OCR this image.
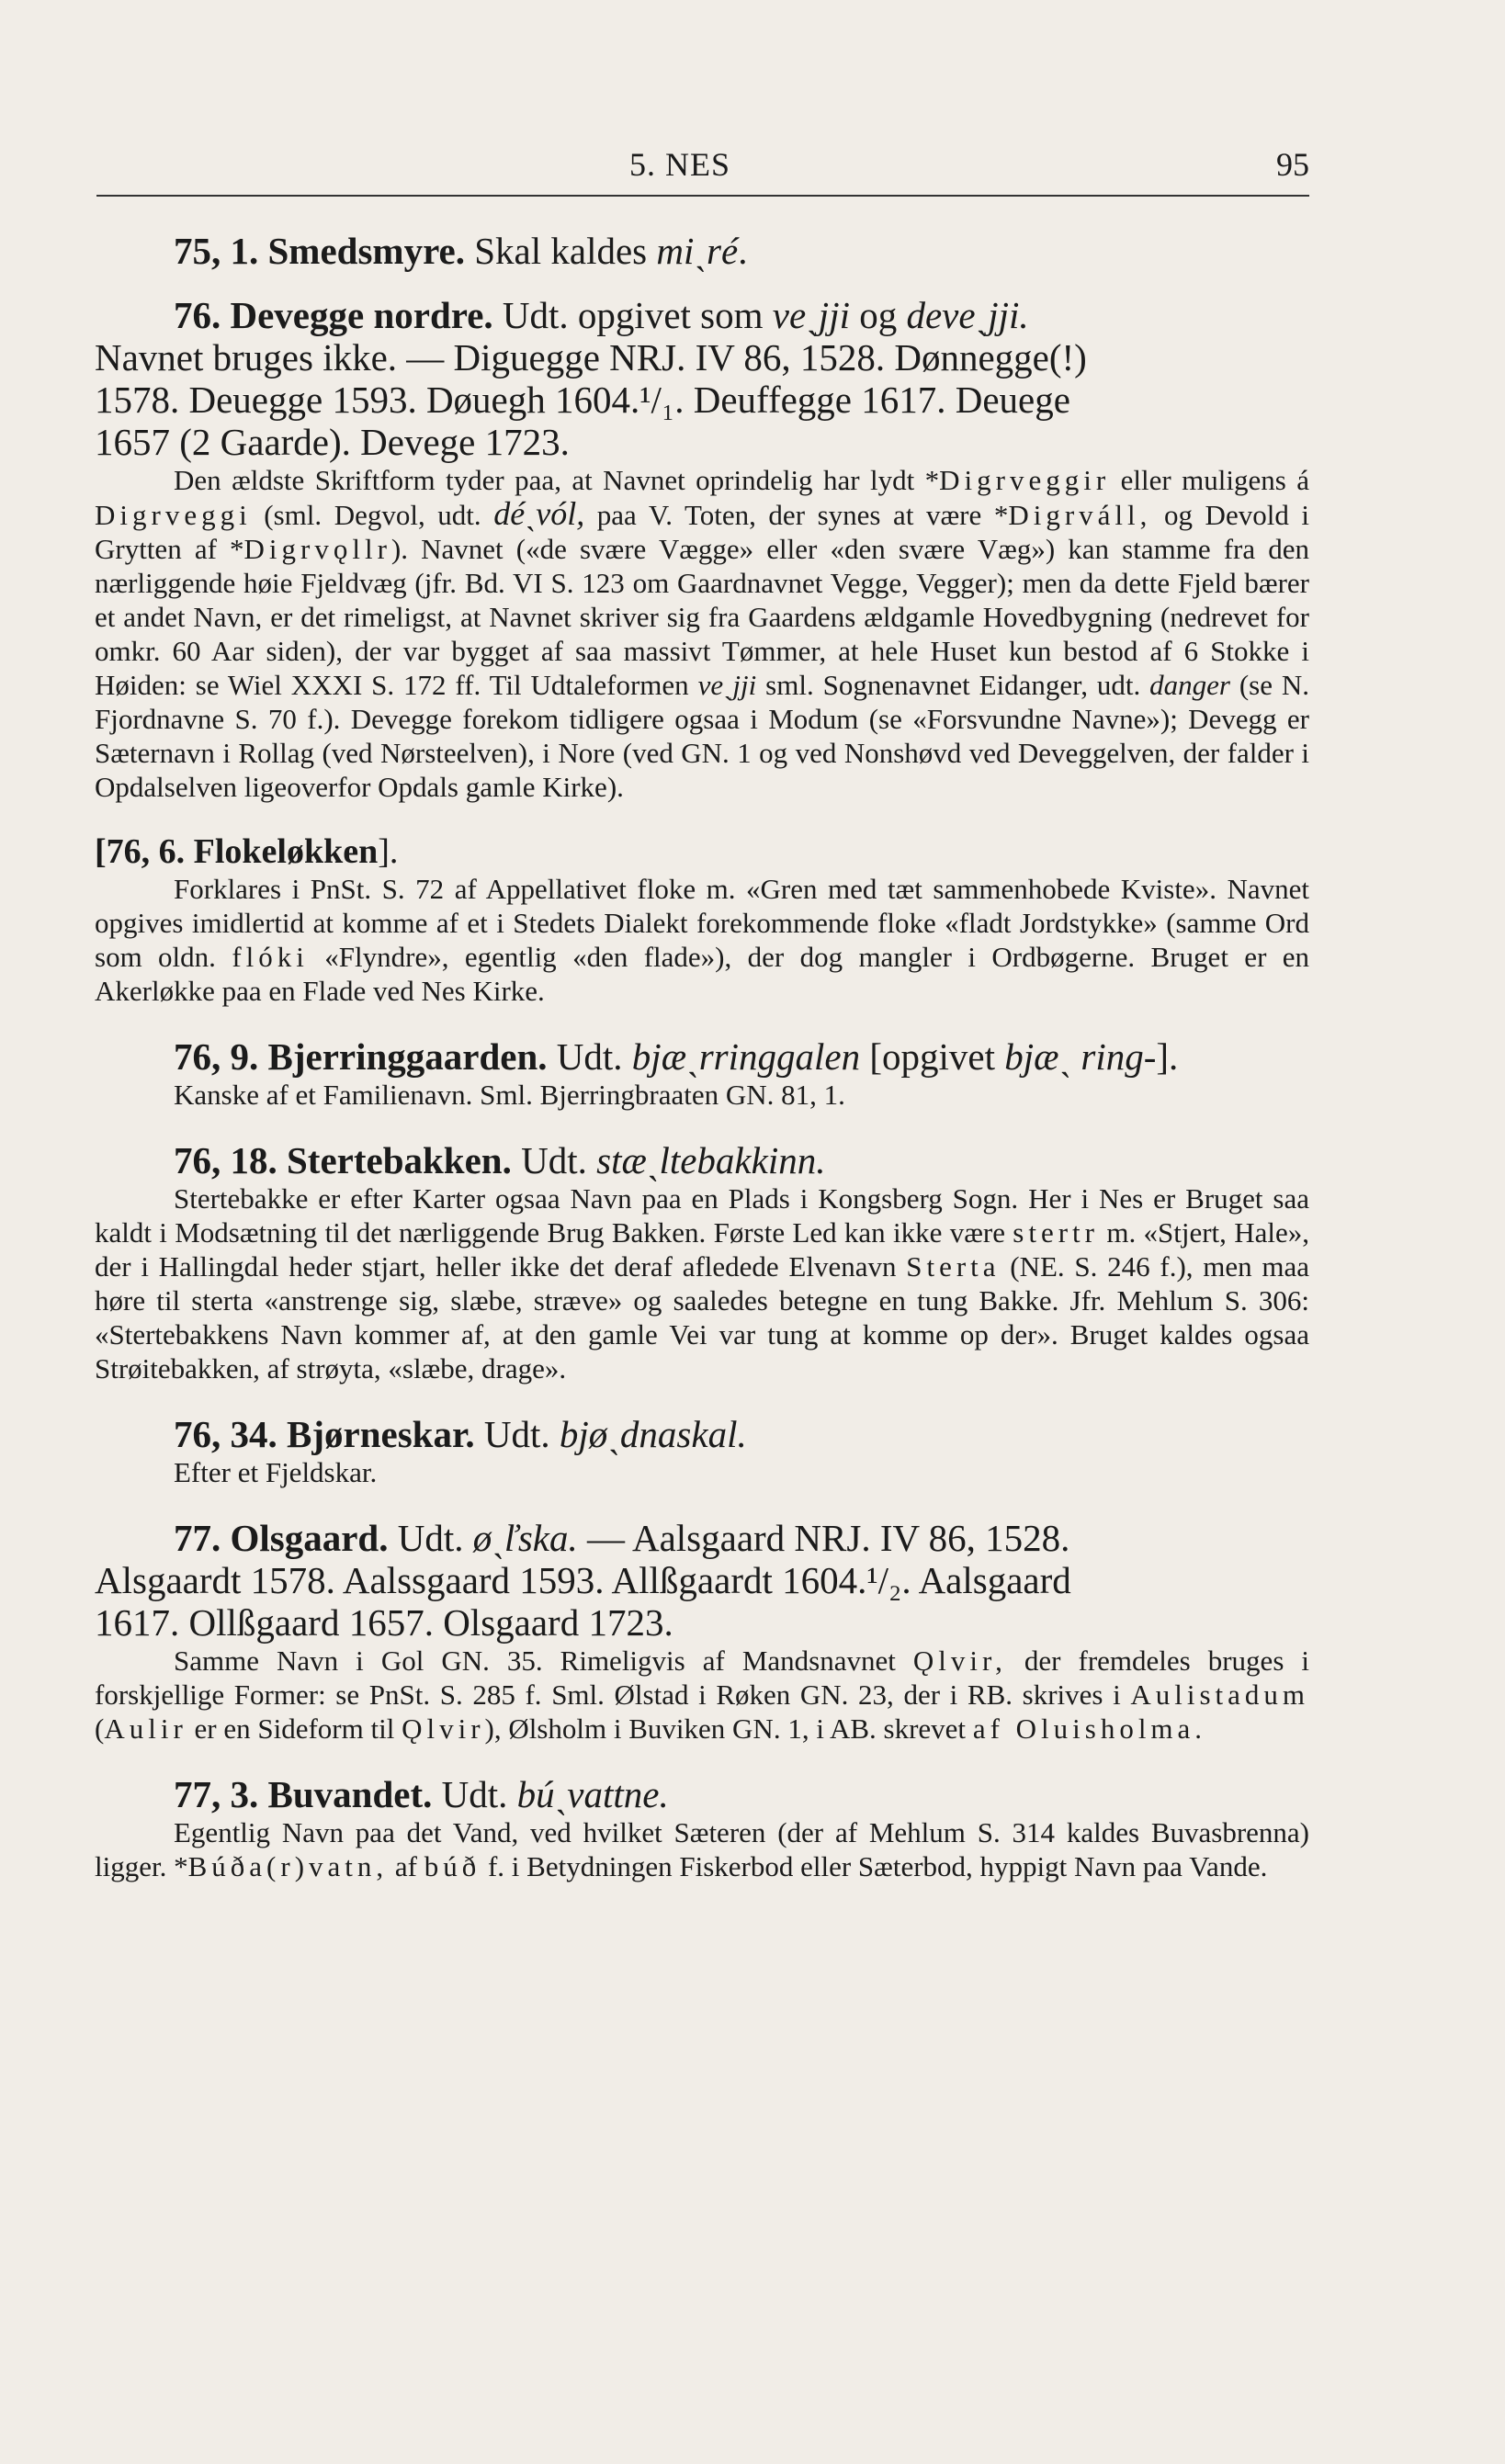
5. NES	95

75, 1. Smedsmyre. Skal kaldes miˎré.

76. Devegge nordre. Udt. opgivet som veˎjji og deveˎjji.

Navnet bruges ikke. — Diguegge NRJ. IV 86, 1528. Dønnegge(!)

1578. Deuegge 1593. Døuegh 1604.¹/₁. Deuffegge 1617. Deuege

1657 (2 Gaarde). Devege 1723.

Den ældste Skriftform tyder paa, at Navnet oprindelig har lydt *Digrveggir eller muligens á Digrveggi (sml. Degvol, udt. déˎvól, paa V. Toten, der synes at være *Digrváll, og Devold i Grytten af *Digrvǫllr). Navnet («de svære Vægge» eller «den svære Væg») kan stamme fra den nærliggende høie Fjeldvæg (jfr. Bd. VI S. 123 om Gaardnavnet Vegge, Vegger); men da dette Fjeld bærer et andet Navn, er det rimeligst, at Navnet skriver sig fra Gaardens ældgamle Hovedbygning (nedrevet for omkr. 60 Aar siden), der var bygget af saa massivt Tømmer, at hele Huset kun bestod af 6 Stokke i Høiden: se Wiel XXXI S. 172 ff. Til Udtaleformen veˎjji sml. Sognenavnet Eidanger, udt. danger (se N. Fjordnavne S. 70 f.). Devegge forekom tidligere ogsaa i Modum (se «Forsvundne Navne»); Devegg er Sæternavn i Rollag (ved Nørsteelven), i Nore (ved GN. 1 og ved Nonshøvd ved Deveggelven, der falder i Opdalselven ligeoverfor Opdals gamle Kirke).

[76, 6. Flokeløkken].

Forklares i PnSt. S. 72 af Appellativet floke m. «Gren med tæt sammenhobede Kviste». Navnet opgives imidlertid at komme af et i Stedets Dialekt forekommende floke «fladt Jordstykke» (samme Ord som oldn. flóki «Flyndre», egentlig «den flade»), der dog mangler i Ordbøgerne. Bruget er en Akerløkke paa en Flade ved Nes Kirke.

76, 9. Bjerringgaarden. Udt. bjæˎrringgalen [opgivet bjæˎ ring-].

Kanske af et Familienavn. Sml. Bjerringbraaten GN. 81, 1.

76, 18. Stertebakken. Udt. stæˎltebakkinn.

Stertebakke er efter Karter ogsaa Navn paa en Plads i Kongsberg Sogn. Her i Nes er Bruget saa kaldt i Modsætning til det nærliggende Brug Bakken. Første Led kan ikke være stertr m. «Stjert, Hale», der i Hallingdal heder stjart, heller ikke det deraf afledede Elvenavn Sterta (NE. S. 246 f.), men maa høre til sterta «anstrenge sig, slæbe, stræve» og saaledes betegne en tung Bakke. Jfr. Mehlum S. 306: «Stertebakkens Navn kommer af, at den gamle Vei var tung at komme op der». Bruget kaldes ogsaa Strøitebakken, af strøyta, «slæbe, drage».

76, 34. Bjørneskar. Udt. bjøˎdnaskal.

Efter et Fjeldskar.

77. Olsgaard. Udt. øˎľska. — Aalsgaard NRJ. IV 86, 1528.

Alsgaardt 1578. Aalssgaard 1593. Allßgaardt 1604.¹/₂. Aalsgaard

1617. Ollßgaard 1657. Olsgaard 1723.

Samme Navn i Gol GN. 35. Rimeligvis af Mandsnavnet Ǫlvir, der fremdeles bruges i forskjellige Former: se PnSt. S. 285 f. Sml. Ølstad i Røken GN. 23, der i RB. skrives i Aulistadum (Aulir er en Sideform til Ǫlvir), Ølsholm i Buviken GN. 1, i AB. skrevet af Oluisholma.

77, 3. Buvandet. Udt. búˎvattne.

Egentlig Navn paa det Vand, ved hvilket Sæteren (der af Mehlum S. 314 kaldes Buvasbrenna) ligger. *Búða(r)vatn, af búð f. i Betydningen Fiskerbod eller Sæterbod, hyppigt Navn paa Vande.
